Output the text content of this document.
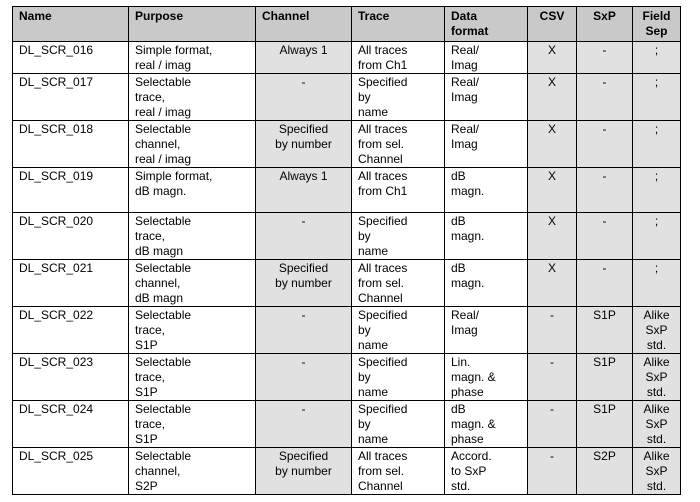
Name	Purpose	Channel	Trace	Data
format	CSV	SxP	Field
Sep
DL_SCR_016	Simple format,
real / imag	Always 1	All traces
from Ch1	Real/
Imag	X	-	;
DL_SCR_017	Selectable
trace,
real / imag	-	Specified
by
name	Real/
Imag	X	-	;
DL_SCR_018	Selectable
channel,
real / imag	Specified
by number	All traces
from sel.
Channel	Real/
Imag	X	-	;
DL_SCR_019	Simple format,
dB magn.	Always 1	All traces
from Ch1	dB
magn.	X	-	;
DL_SCR_020	Selectable
trace,
dB magn	-	Specified
by
name	dB
magn.	X	-	;
DL_SCR_021	Selectable
channel,
dB magn	Specified
by number	All traces
from sel.
Channel	dB
magn.	X	-	;
DL_SCR_022	Selectable
trace,
S1P	-	Specified
by
name	Real/
Imag	-	S1P	Alike
SxP
std.
DL_SCR_023	Selectable
trace,
S1P	-	Specified
by
name	Lin.
magn. &
phase	-	S1P	Alike
SxP
std.
DL_SCR_024	Selectable
trace,
S1P	-	Specified
by
name	dB
magn. &
phase	-	S1P	Alike
SxP
std.
DL_SCR_025	Selectable
channel,
S2P	Specified
by number	All traces
from sel.
Channel	Accord.
to SxP
std.	-	S2P	Alike
SxP
std.
